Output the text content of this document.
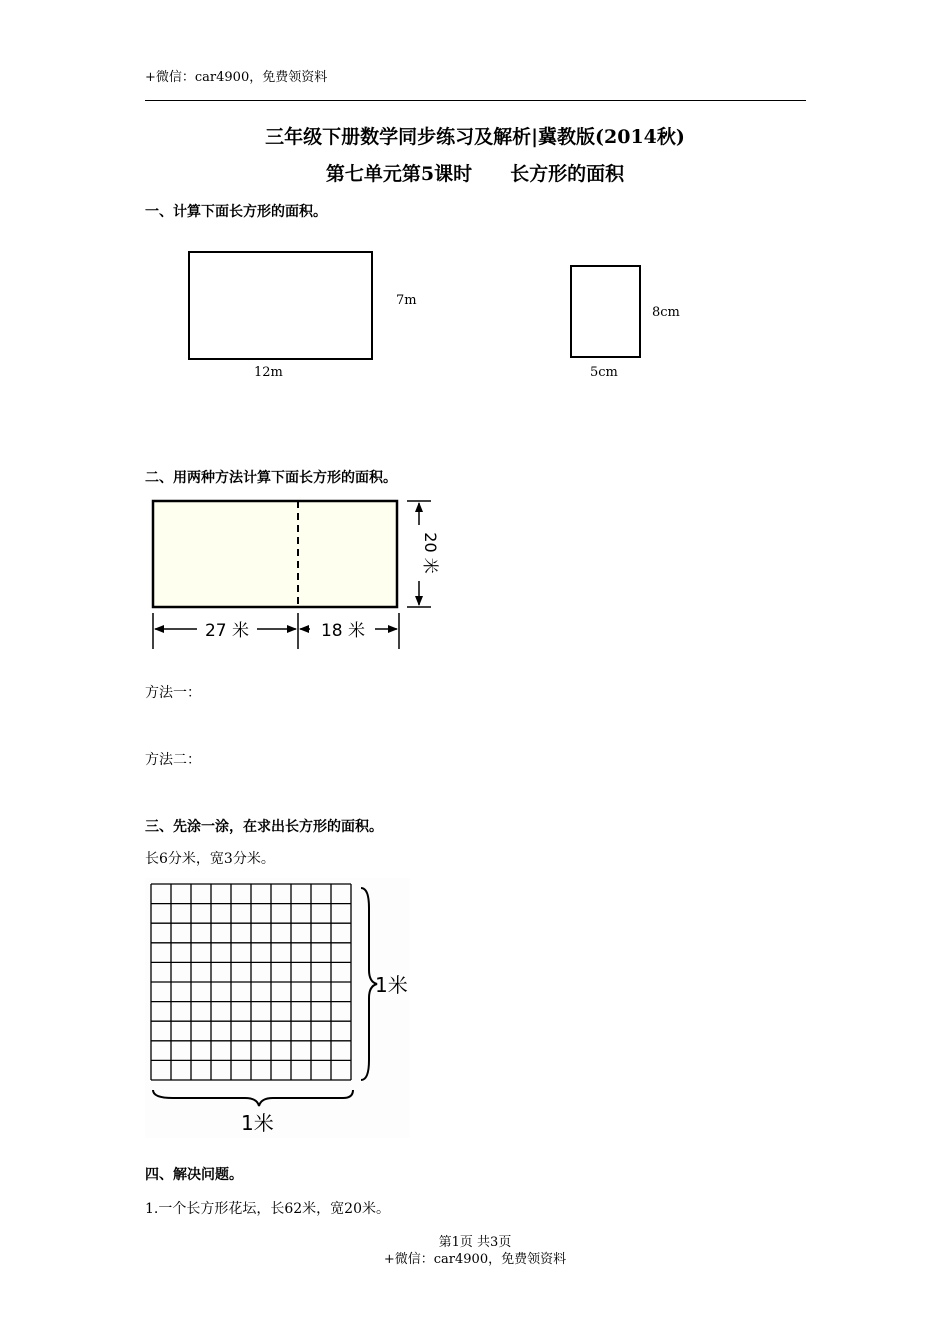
+微信：car4900，免费领资料
三年级下册数学同步练习及解析|冀教版(2014秋)
第七单元第5课时　　长方形的面积
一、计算下面长方形的面积。
7m
12m
8cm
5cm
二、用两种方法计算下面长方形的面积。
20 米
27 米	18 米
方法一：
方法二：
三、先涂一涂，在求出长方形的面积。
长6分米，宽3分米。
1米
1米
四、解决问题。
1.一个长方形花坛，长62米，宽20米。
第1页 共3页
+微信：car4900，免费领资料
